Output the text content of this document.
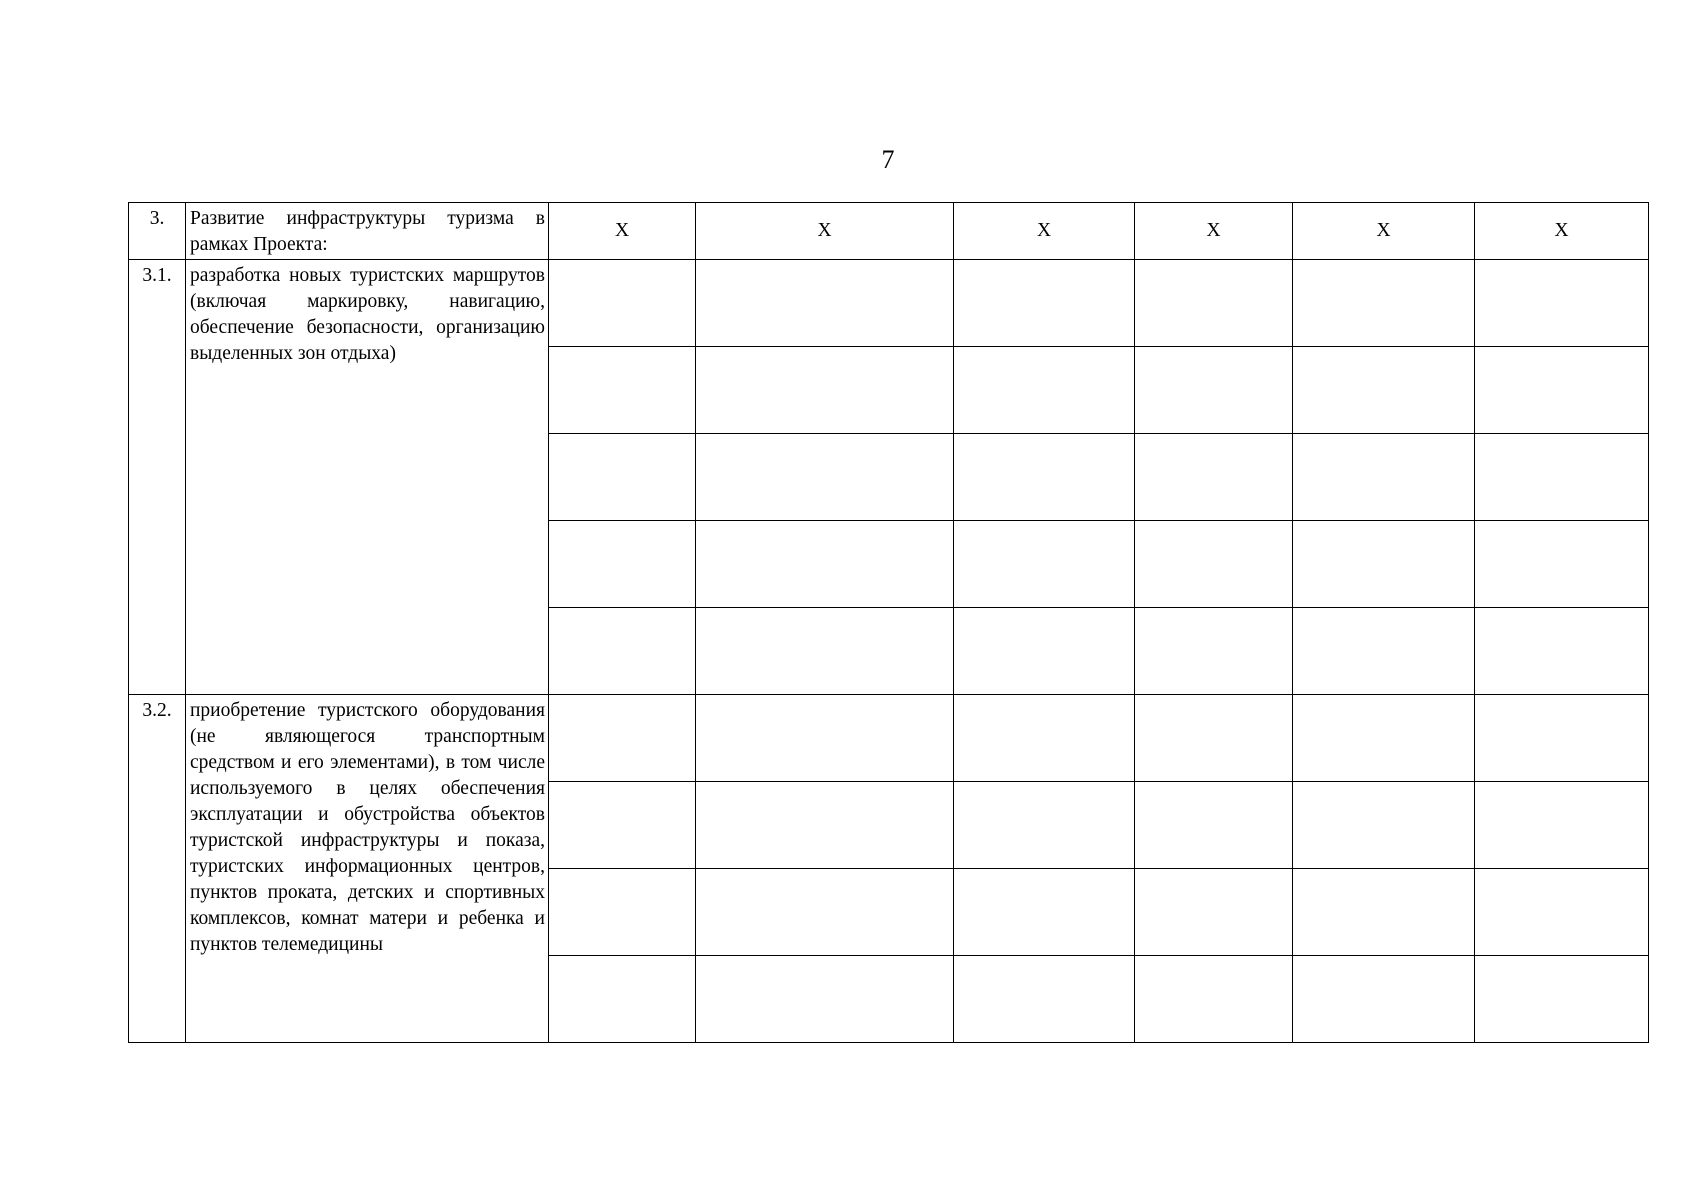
7
3.	Развитие инфраструктуры туризма в рамках Проекта:	Х	Х	Х	Х	Х	Х
3.1.	разработка новых туристских маршрутов (включая маркировку, навигацию, обеспечение безопасности, организацию выделенных зон отдыха)						

3.2.	приобретение туристского оборудования (не являющегося транспортным средством и его элементами), в том числе используемого в целях обеспечения эксплуатации и обустройства объектов туристской инфраструктуры и показа, туристских информационных центров, пунктов проката, детских и спортивных комплексов, комнат матери и ребенка и пунктов телемедицины						
